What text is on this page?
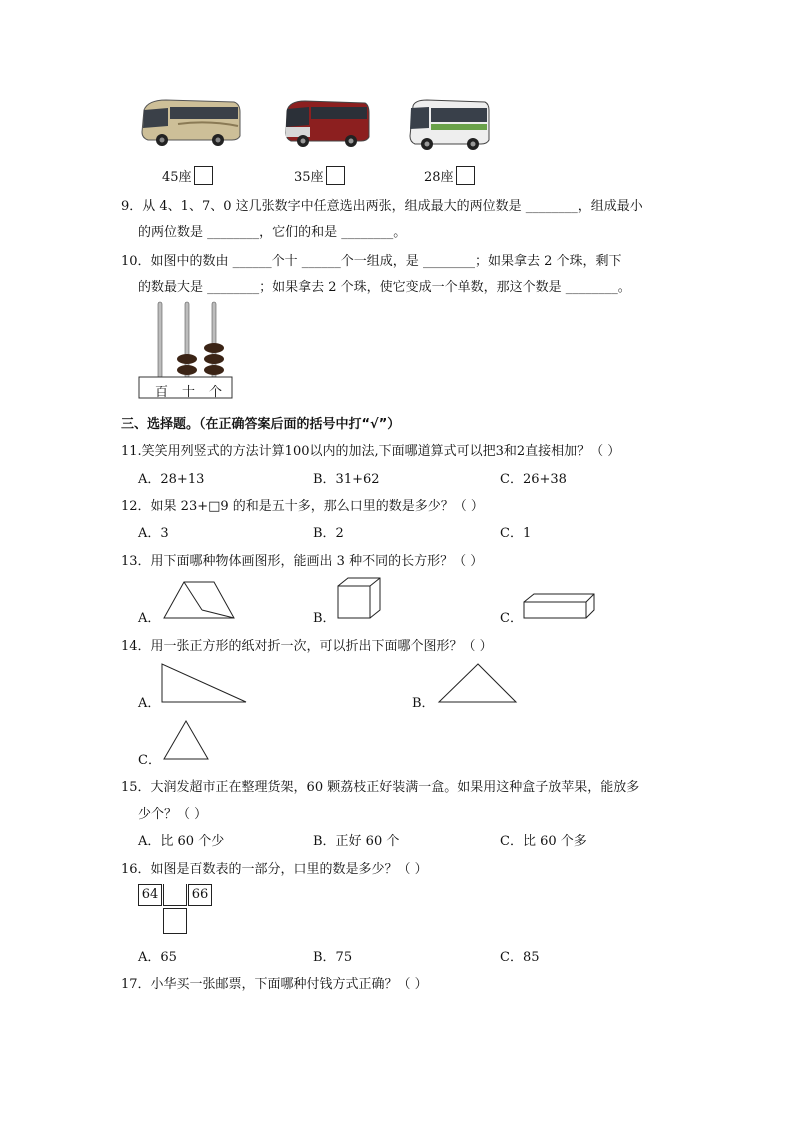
45座	35座	28座
9．从 4、1、7、0 这几张数字中任意选出两张，组成最大的两位数是 ________，组成最小
的两位数是 ________，它们的和是 ________。
10．如图中的数由 ______个十 ______个一组成，是 ________；如果拿去 2 个珠，剩下
的数最大是 ________；如果拿去 2 个珠，使它变成一个单数，那这个数是 ________。
百 十 个
三、选择题。（在正确答案后面的括号中打“√”）
11.笑笑用列竖式的方法计算100以内的加法,下面哪道算式可以把3和2直接相加？（ ）
A．28+13	B．31+62	C．26+38
12．如果 23+□9 的和是五十多，那么口里的数是多少？（ ）
A．3	B．2	C．1
13．用下面哪种物体画图形，能画出 3 种不同的长方形？（ ）
A．	B．	C．
14．用一张正方形的纸对折一次，可以折出下面哪个图形？（ ）
A．	B．
C．
15．大润发超市正在整理货架，60 颗荔枝正好装满一盒。如果用这种盒子放苹果，能放多
少个？（ ）
A．比 60 个少	B．正好 60 个	C．比 60 个多
16．如图是百数表的一部分，口里的数是多少？（ ）
64	66
A．65	B．75	C．85
17．小华买一张邮票，下面哪种付钱方式正确？（ ）
